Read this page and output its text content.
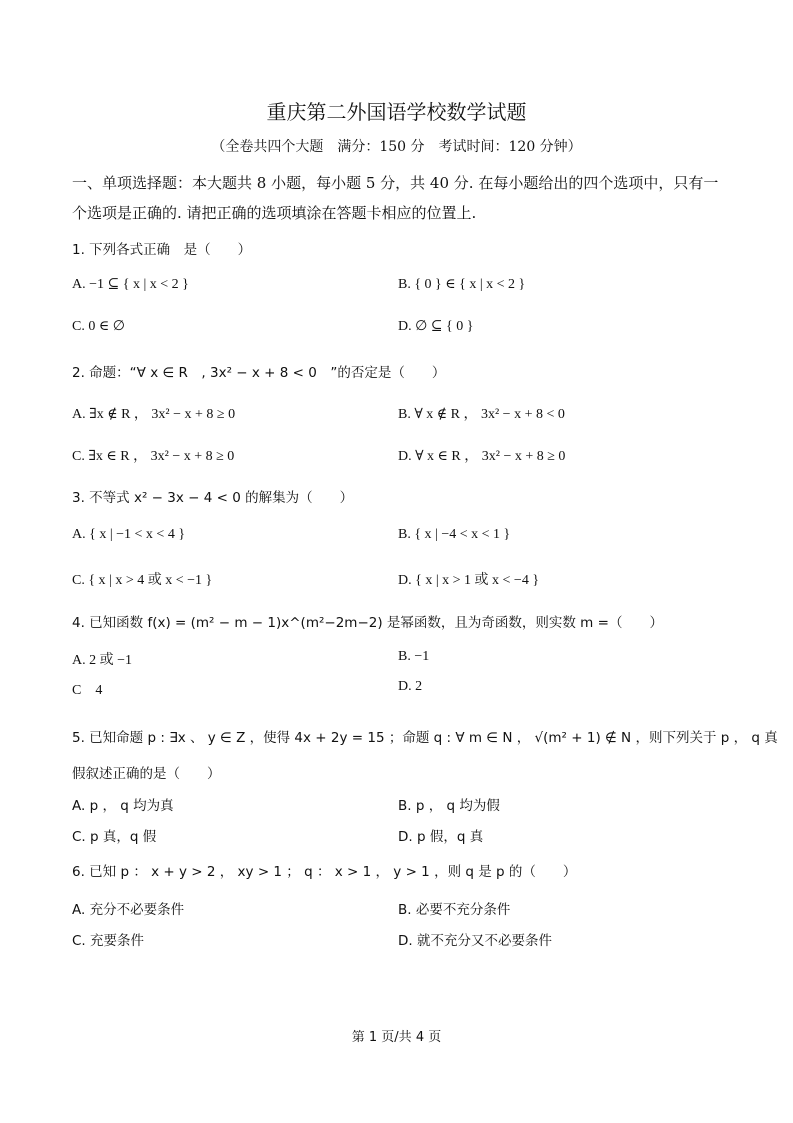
重庆第二外国语学校数学试题
（全卷共四个大题　满分：150 分　考试时间：120 分钟）
一、单项选择题：本大题共 8 小题，每小题 5 分，共 40 分. 在每小题给出的四个选项中，只有一个选项是正确的. 请把正确的选项填涂在答题卡相应的位置上.
1. 下列各式正确　是（　　）
A. −1 ⊆ { x | x < 2 }	B. { 0 } ∈ { x | x < 2 }
C. 0 ∈ ∅	D. ∅ ⊆ { 0 }
2. 命题：“∀ x ∈ R　, 3x² − x + 8 < 0　”的否定是（　　）
A. ∃x ∉ R ， 3x² − x + 8 ≥ 0	B. ∀ x ∉ R ， 3x² − x + 8 < 0
C. ∃x ∈ R ， 3x² − x + 8 ≥ 0	D. ∀ x ∈ R ， 3x² − x + 8 ≥ 0
3. 不等式 x² − 3x − 4 < 0 的解集为（　　）
A. { x | −1 < x < 4 }	B. { x | −4 < x < 1 }
C. { x | x > 4 或 x < −1 }	D. { x | x > 1 或 x < −4 }
4. 已知函数 f(x) = (m² − m − 1)x^(m²−2m−2) 是幂函数，且为奇函数，则实数 m =（　　）
A. 2 或 −1	B. −1
C　4	D. 2
5. 已知命题 p : ∃x 、 y ∈ Z ，使得 4x + 2y = 15 ；命题 q : ∀ m ∈ N ， √(m² + 1) ∉ N ，则下列关于 p ， q 真
假叙述正确的是（　　）
A. p ， q 均为真	B. p ， q 均为假
C. p 真，q 假	D. p 假，q 真
6. 已知 p ： x + y > 2 ， xy > 1 ； q ： x > 1 ， y > 1 ，则 q 是 p 的（　　）
A. 充分不必要条件	B. 必要不充分条件
C. 充要条件	D. 就不充分又不必要条件
第 1 页/共 4 页
